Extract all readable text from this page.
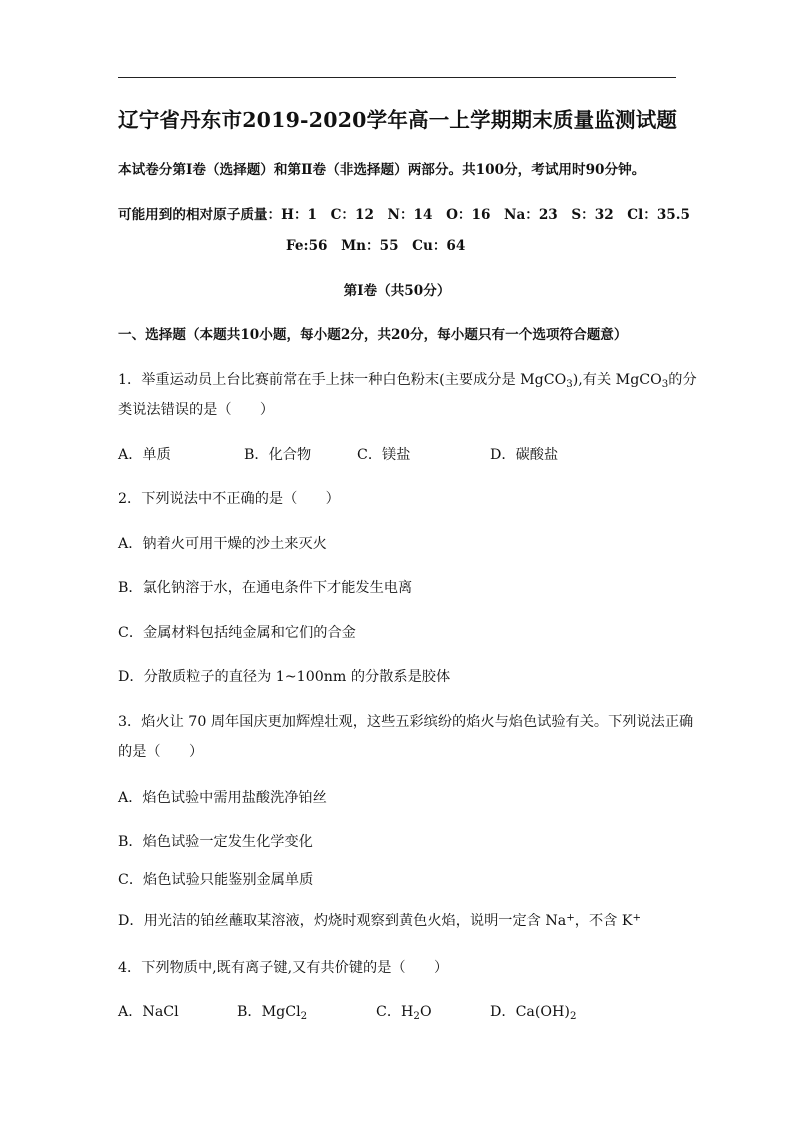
辽宁省丹东市2019-2020学年高一上学期期末质量监测试题
本试卷分第Ⅰ卷（选择题）和第Ⅱ卷（非选择题）两部分。共100分，考试用时90分钟。
可能用到的相对原子质量：H：1　C：12　N：14　O：16　Na：23　S：32　Cl：35.5
Fe:56　Mn：55　Cu：64
第Ⅰ卷（共50分）
一、选择题（本题共10小题，每小题2分，共20分，每小题只有一个选项符合题意）
1．举重运动员上台比赛前常在手上抹一种白色粉末(主要成分是 MgCO$_3$),有关 MgCO$_3$的分
类说法错误的是（　　）
A．单质	B．化合物	C．镁盐	D．碳酸盐
2．下列说法中不正确的是（　　）
A．钠着火可用干燥的沙土来灭火
B．氯化钠溶于水，在通电条件下才能发生电离
C．金属材料包括纯金属和它们的合金
D．分散质粒子的直径为 1~100nm 的分散系是胶体
3．焰火让 70 周年国庆更加辉煌壮观，这些五彩缤纷的焰火与焰色试验有关。下列说法正确
的是（　　）
A．焰色试验中需用盐酸洗净铂丝
B．焰色试验一定发生化学变化
C．焰色试验只能鉴别金属单质
D．用光洁的铂丝蘸取某溶液，灼烧时观察到黄色火焰，说明一定含 Na+，不含 K+
4．下列物质中,既有离子键,又有共价键的是（　　）
A．NaCl	B．MgCl$_2$	C．$H_2O$	D．$Ca(OH)_2$
